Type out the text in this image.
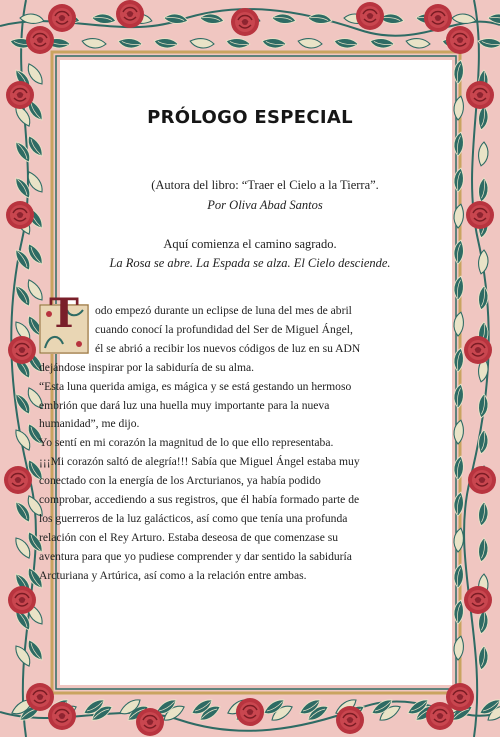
PRÓLOGO ESPECIAL
(Autora del libro: “Traer el Cielo a la Tierra”.
Por Oliva Abad Santos
Aquí comienza el camino sagrado.
La Rosa se abre. La Espada se alza. El Cielo desciende.
T	odo empezó durante un eclipse de luna del mes de abril cuando conocí la profundidad del Ser de Miguel Ángel, él se abrió a recibir los nuevos códigos de luz en su ADN dejándose inspirar por la sabiduría de su alma.

“Esta luna querida amiga, es mágica y se está gestando un hermoso embrión que dará luz una huella muy importante para la nueva humanidad”, me dijo.

Yo sentí en mi corazón la magnitud de lo que ello representaba.

¡¡¡Mi corazón saltó de alegría!!! Sabía que Miguel Ángel estaba muy conectado con la energía de los Arcturianos, ya había podido comprobar, accediendo a sus registros, que él había formado parte de los guerreros de la luz galácticos, así como que tenía una profunda relación con el Rey Arturo. Estaba deseosa de que comenzase su aventura para que yo pudiese comprender y dar sentido la sabiduría Arcturiana y Artúrica, así como a la relación entre ambas.
